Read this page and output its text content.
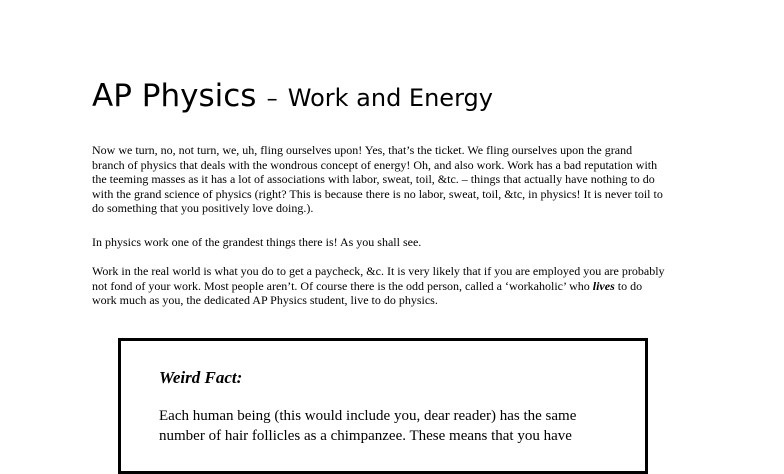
AP Physics – Work and Energy
Now we turn, no, not turn, we, uh, fling ourselves upon! Yes, that’s the ticket. We fling ourselves upon the grand
branch of physics that deals with the wondrous concept of energy! Oh, and also work. Work has a bad reputation with
the teeming masses as it has a lot of associations with labor, sweat, toil, &tc. – things that actually have nothing to do
with the grand science of physics (right? This is because there is no labor, sweat, toil, &tc, in physics! It is never toil to
do something that you positively love doing.).
In physics work one of the grandest things there is! As you shall see.
Work in the real world is what you do to get a paycheck, &c. It is very likely that if you are employed you are probably
not fond of your work. Most people aren’t. Of course there is the odd person, called a ‘workaholic’ who lives to do
work much as you, the dedicated AP Physics student, live to do physics.
Weird Fact:
Each human being (this would include you, dear reader) has the same
number of hair follicles as a chimpanzee. These means that you have
